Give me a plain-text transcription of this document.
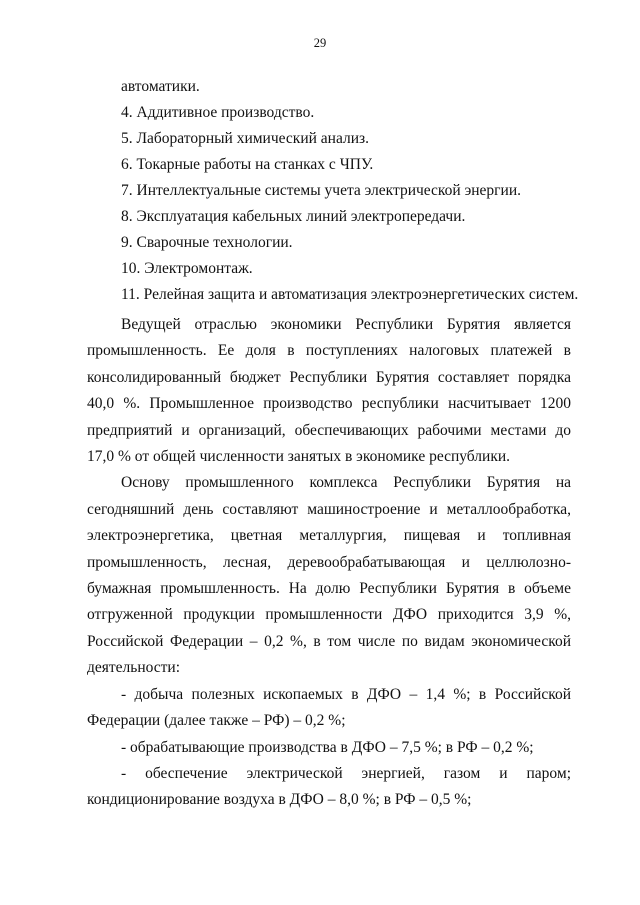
29
автоматики.
4. Аддитивное производство.
5. Лабораторный химический анализ.
6. Токарные работы на станках с ЧПУ.
7. Интеллектуальные системы учета электрической энергии.
8. Эксплуатация кабельных линий электропередачи.
9. Сварочные технологии.
10. Электромонтаж.
11. Релейная защита и автоматизация электроэнергетических систем.

Ведущей отраслью экономики Республики Бурятия является промышленность. Ее доля в поступлениях налоговых платежей в консолидированный бюджет Республики Бурятия составляет порядка 40,0 %. Промышленное производство республики насчитывает 1200 предприятий и организаций, обеспечивающих рабочими местами до 17,0 % от общей численности занятых в экономике республики.

Основу промышленного комплекса Республики Бурятия на сегодняшний день составляют машиностроение и металлообработка, электроэнергетика, цветная металлургия, пищевая и топливная промышленность, лесная, деревообрабатывающая и целлюлозно-бумажная промышленность. На долю Республики Бурятия в объеме отгруженной продукции промышленности ДФО приходится 3,9 %, Российской Федерации – 0,2 %, в том числе по видам экономической деятельности:

- добыча полезных ископаемых в ДФО – 1,4 %; в Российской Федерации (далее также – РФ) – 0,2 %;

- обрабатывающие производства в ДФО – 7,5 %; в РФ – 0,2 %;

- обеспечение электрической энергией, газом и паром; кондиционирование воздуха в ДФО – 8,0 %; в РФ – 0,5 %;
